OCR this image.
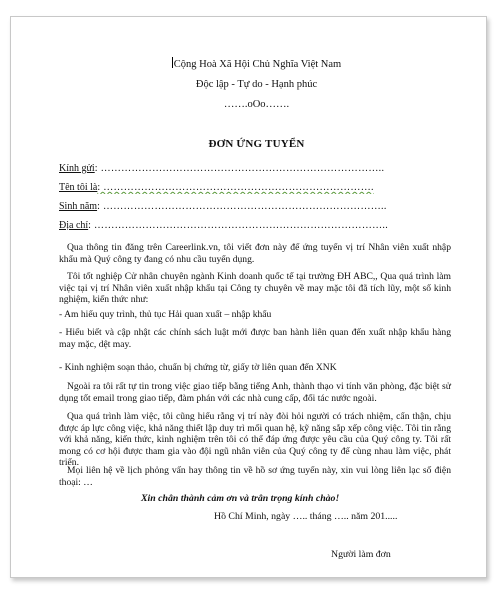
Cộng Hoà Xã Hội Chủ Nghĩa Việt Nam
Độc lập - Tự do - Hạnh phúc
…….oOo…….
ĐƠN ỨNG TUYỂN
Kính gửi: ………………………………………………………………………..
Tên tôi là: …………………………………………………………………….
Sinh năm: ………………………………………………………………………..
Địa chỉ: …………………………………………………………………………..

Qua thông tin đăng trên Careerlink.vn, tôi viết đơn này để ứng tuyển vị trí Nhân viên xuất nhập khẩu mà Quý công ty đang có nhu cầu tuyển dụng.

Tôi tốt nghiệp Cử nhân chuyên ngành Kinh doanh quốc tế tại trường ĐH ABC,, Qua quá trình làm việc tại vị trí Nhân viên xuất nhập khẩu tại Công ty chuyên về may mặc tôi đã tích lũy, một số kinh nghiệm, kiến thức như:

- Am hiểu quy trình, thủ tục Hải quan xuất – nhập khẩu

- Hiểu biết và cập nhật các chính sách luật mới được ban hành liên quan đến xuất nhập khẩu hàng may mặc, dệt may.

- Kinh nghiệm soạn thảo, chuẩn bị chứng từ, giấy tờ liên quan đến XNK

Ngoài ra tôi rất tự tin trong việc giao tiếp bằng tiếng Anh, thành thạo vi tính văn phòng, đặc biệt sử dụng tốt email trong giao tiếp, đàm phán với các nhà cung cấp, đối tác nước ngoài.

Qua quá trình làm việc, tôi cũng hiểu rằng vị trí này đòi hỏi người có trách nhiệm, cẩn thận, chịu được áp lực công việc, khả năng thiết lập duy trì mối quan hệ, kỹ năng sắp xếp công việc. Tôi tin rằng với khả năng, kiến thức, kinh nghiệm trên tôi có thể đáp ứng được yêu cầu của Quý công ty. Tôi rất mong có cơ hội được tham gia vào đội ngũ nhân viên của Quý công ty để cùng nhau làm việc, phát triển.

Mọi liên hệ về lịch phỏng vấn hay thông tin về hồ sơ ứng tuyển này, xin vui lòng liên lạc số điện thoại: …

Xin chân thành cảm ơn và trân trọng kính chào!
Hồ Chí Minh, ngày ….. tháng ….. năm 201.....
Người làm đơn
